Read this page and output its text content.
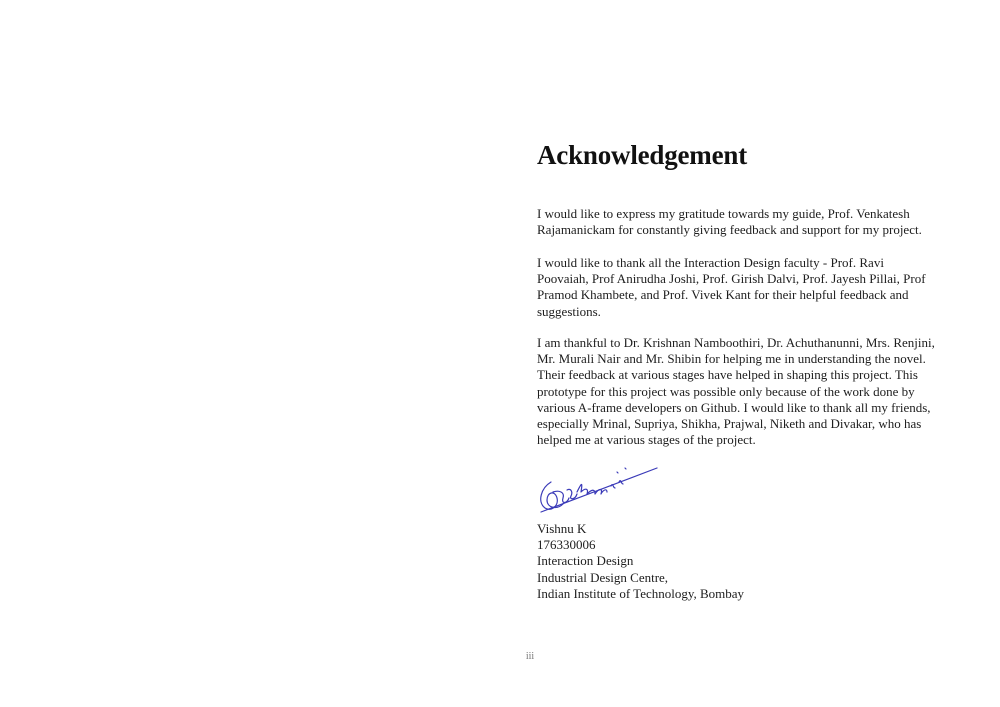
Acknowledgement

I would like to express my gratitude towards my guide, Prof. Venkatesh Rajamanickam for constantly giving feedback and support for my project.

I would like to thank all the Interaction Design faculty - Prof. Ravi Poovaiah, Prof Anirudha Joshi, Prof. Girish Dalvi, Prof. Jayesh Pillai, Prof Pramod Khambete, and Prof. Vivek Kant for their helpful feedback and suggestions.

I am thankful to Dr. Krishnan Namboothiri, Dr. Achuthanunni, Mrs. Renjini, Mr. Murali Nair and Mr. Shibin for helping me in understanding the novel. Their feedback at various stages have helped in shaping this project. This prototype for this project was possible only because of the work done by various A-frame developers on Github. I would like to thank all my friends, especially Mrinal, Supriya, Shikha, Prajwal, Niketh and Divakar, who has helped me at various stages of the project.

Vishnu K
176330006
Interaction Design
Industrial Design Centre,
Indian Institute of Technology, Bombay
iii
